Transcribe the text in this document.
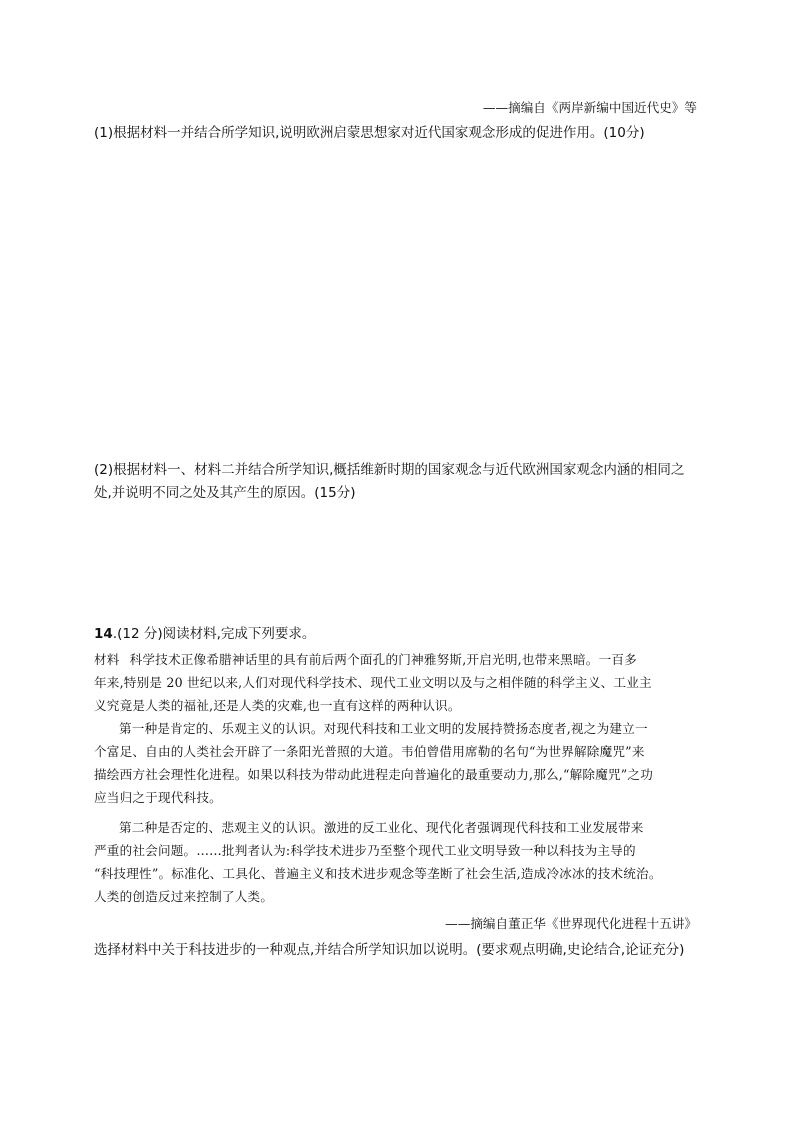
——摘编自《两岸新编中国近代史》等
(1)根据材料一并结合所学知识,说明欧洲启蒙思想家对近代国家观念形成的促进作用。(10分)
(2)根据材料一、材料二并结合所学知识,概括维新时期的国家观念与近代欧洲国家观念内涵的相同之
处,并说明不同之处及其产生的原因。(15分)
14.(12 分)阅读材料,完成下列要求。
材料 科学技术正像希腊神话里的具有前后两个面孔的门神雅努斯,开启光明,也带来黑暗。一百多
年来,特别是 20 世纪以来,人们对现代科学技术、现代工业文明以及与之相伴随的科学主义、工业主
义究竟是人类的福祉,还是人类的灾难,也一直有这样的两种认识。
第一种是肯定的、乐观主义的认识。对现代科技和工业文明的发展持赞扬态度者,视之为建立一
个富足、自由的人类社会开辟了一条阳光普照的大道。韦伯曾借用席勒的名句“为世界解除魔咒”来
描绘西方社会理性化进程。如果以科技为带动此进程走向普遍化的最重要动力,那么,“解除魔咒”之功
应当归之于现代科技。
第二种是否定的、悲观主义的认识。激进的反工业化、现代化者强调现代科技和工业发展带来
严重的社会问题。……批判者认为:科学技术进步乃至整个现代工业文明导致一种以科技为主导的
“科技理性”。标准化、工具化、普遍主义和技术进步观念等垄断了社会生活,造成冷冰冰的技术统治。
人类的创造反过来控制了人类。
——摘编自董正华《世界现代化进程十五讲》
选择材料中关于科技进步的一种观点,并结合所学知识加以说明。(要求观点明确,史论结合,论证充分)
